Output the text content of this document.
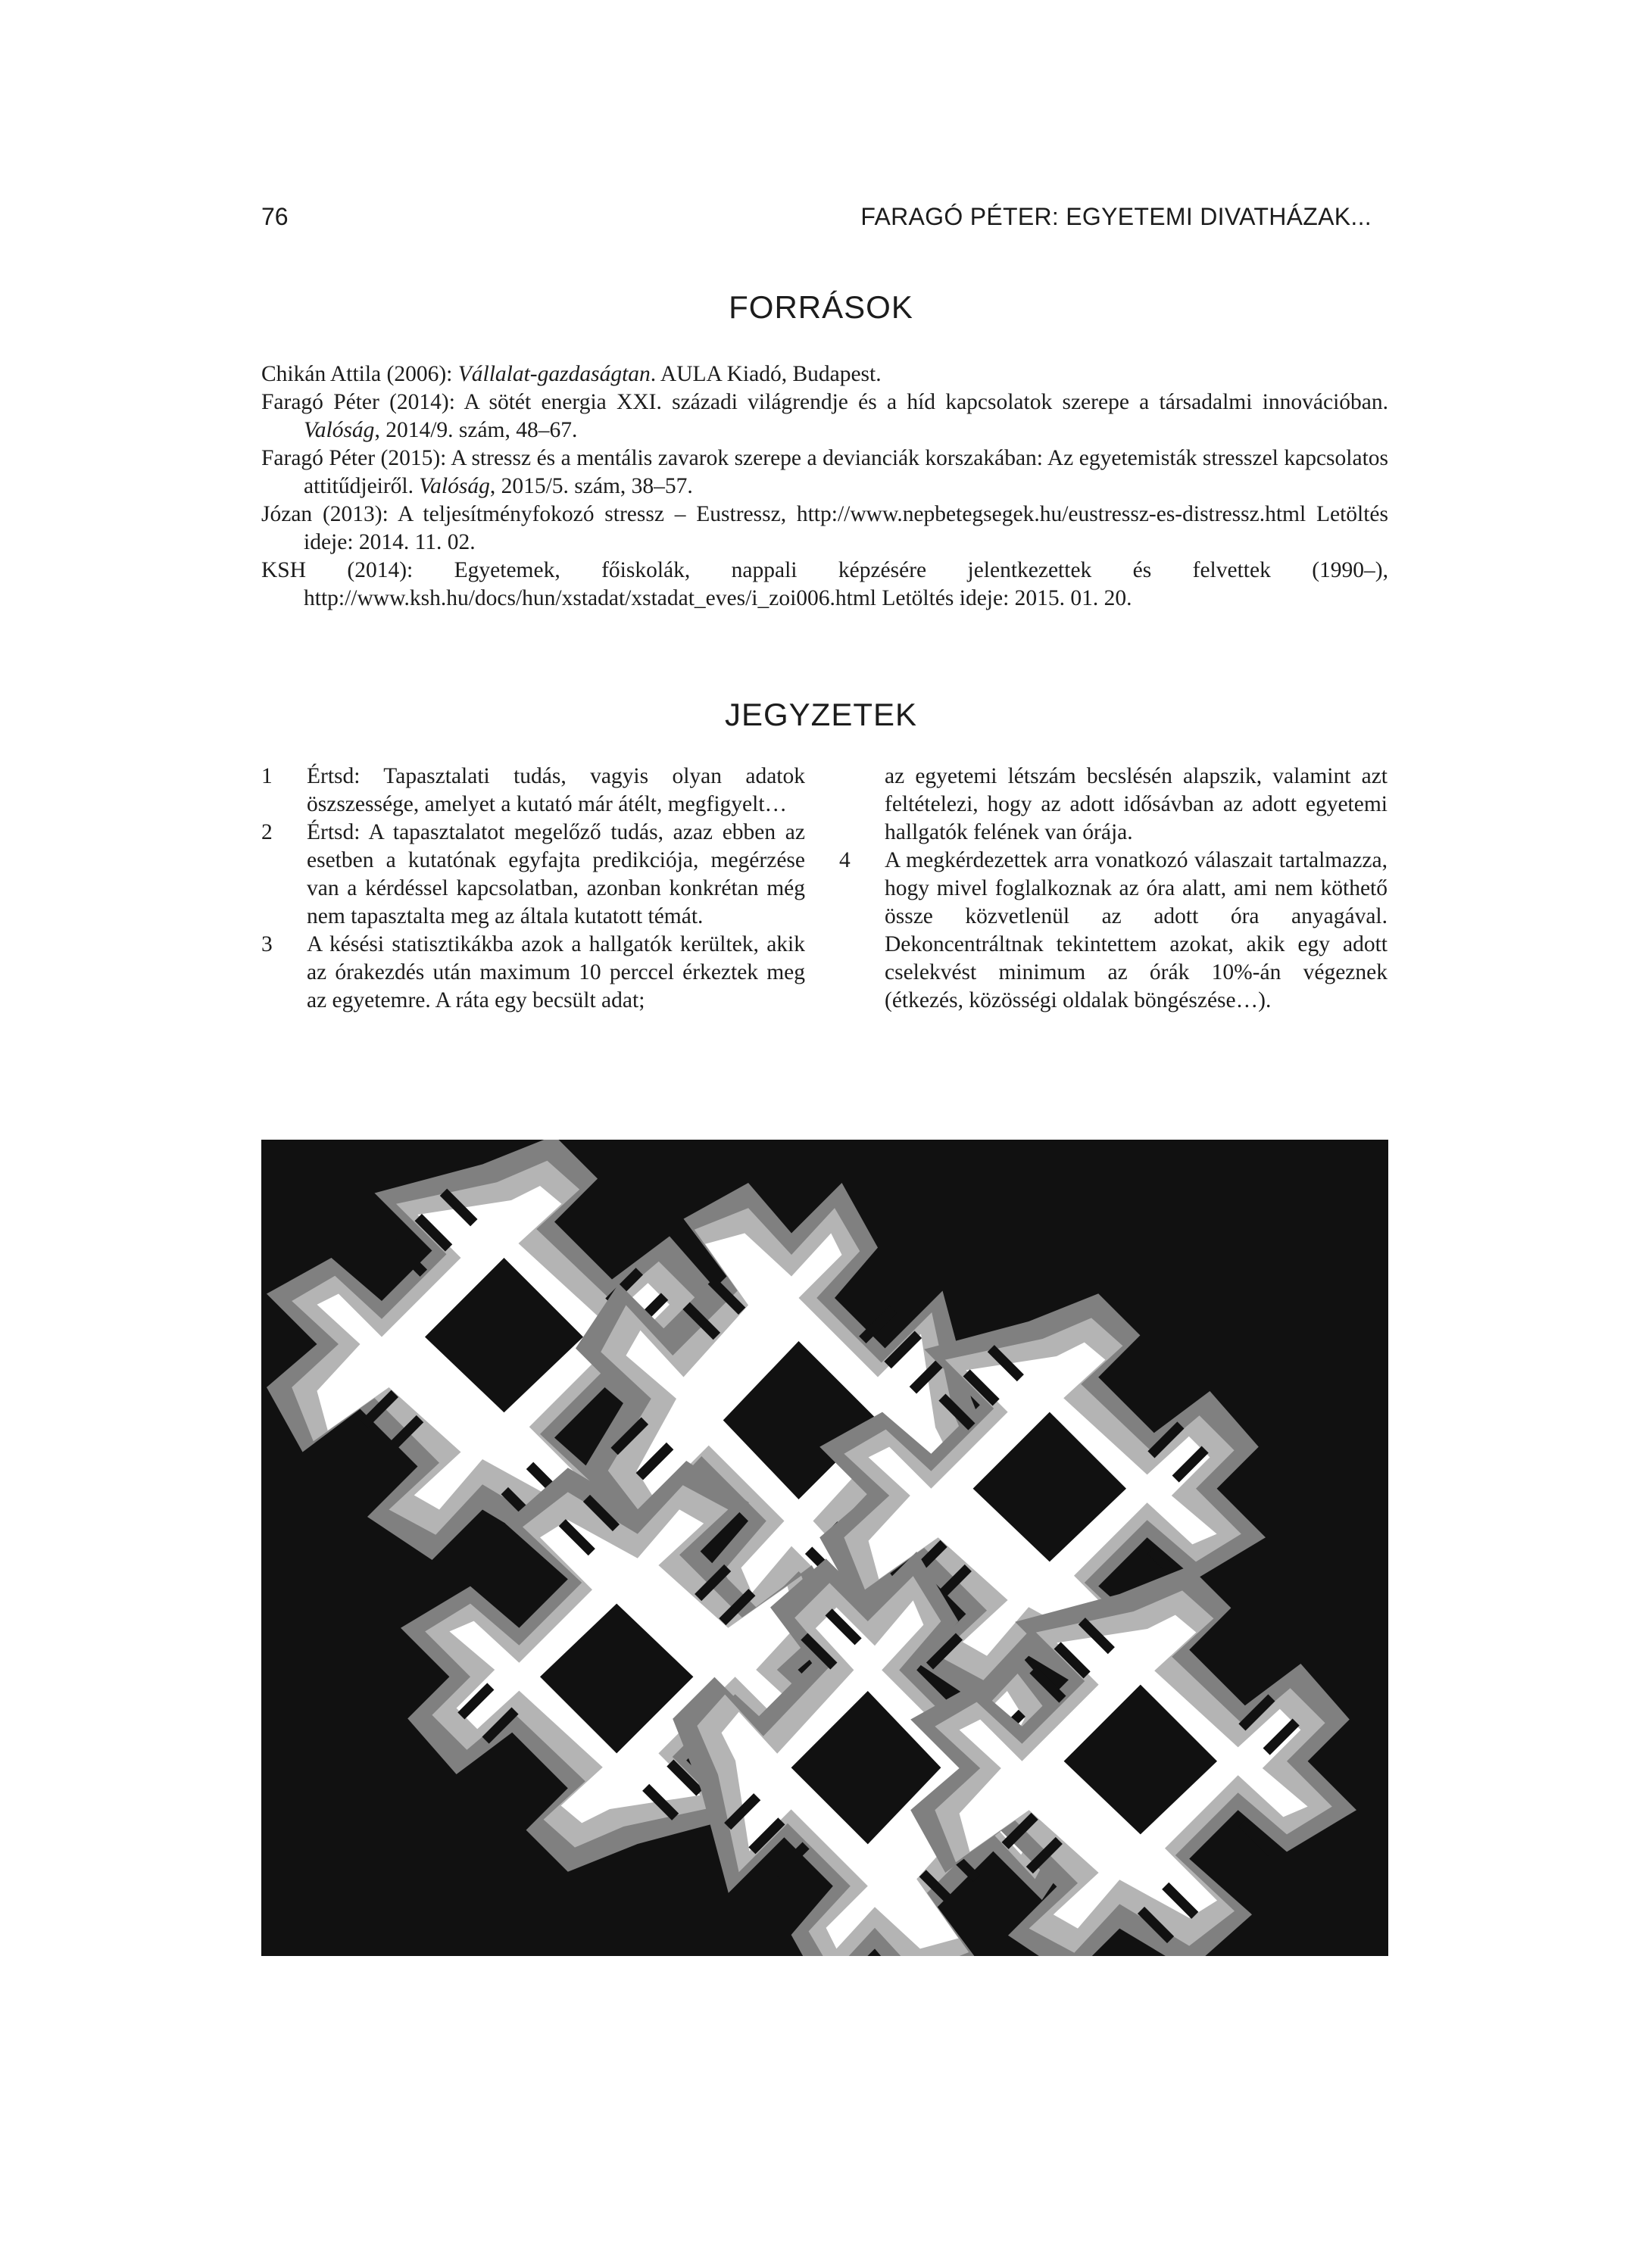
76	FARAGÓ PÉTER: EGYETEMI DIVATHÁZAK...
FORRÁSOK

Chikán Attila (2006): Vállalat-gazdaságtan. AULA Kiadó, Budapest.

Faragó Péter (2014): A sötét energia XXI. századi világrendje és a híd kapcsolatok szerepe a társadalmi innovációban. Valóság, 2014/9. szám, 48–67.

Faragó Péter (2015): A stressz és a mentális zavarok szerepe a devianciák korszakában: Az egyetemisták stresszel kapcsolatos attitűdjeiről. Valóság, 2015/5. szám, 38–57.

Józan (2013): A teljesítményfokozó stressz – Eustressz, http://www.nepbetegsegek.hu/eustressz-es-distressz.html Letöltés ideje: 2014. 11. 02.

KSH (2014): Egyetemek, főiskolák, nappali képzésére jelentkezettek és felvettek (1990–), http://www.ksh.hu/docs/hun/xstadat/xstadat_eves/i_zoi006.html Letöltés ideje: 2015. 01. 20.

JEGYZETEK

1 Értsd: Tapasztalati tudás, vagyis olyan adatok öszszessége, amelyet a kutató már átélt, megfigyelt…

2 Értsd: A tapasztalatot megelőző tudás, azaz ebben az esetben a kutatónak egyfajta predikciója, megérzése van a kérdéssel kapcsolatban, azonban konkrétan még nem tapasztalta meg az általa kutatott témát.

3 A késési statisztikákba azok a hallgatók kerültek, akik az órakezdés után maximum 10 perccel érkeztek meg az egyetemre. A ráta egy becsült adat;

az egyetemi létszám becslésén alapszik, valamint azt feltételezi, hogy az adott idősávban az adott egyetemi hallgatók felének van órája.

4 A megkérdezettek arra vonatkozó válaszait tartalmazza, hogy mivel foglalkoznak az óra alatt, ami nem köthető össze közvetlenül az adott óra anyagával. Dekoncentráltnak tekintettem azokat, akik egy adott cselekvést minimum az órák 10%-án végeznek (étkezés, közösségi oldalak böngészése…).
